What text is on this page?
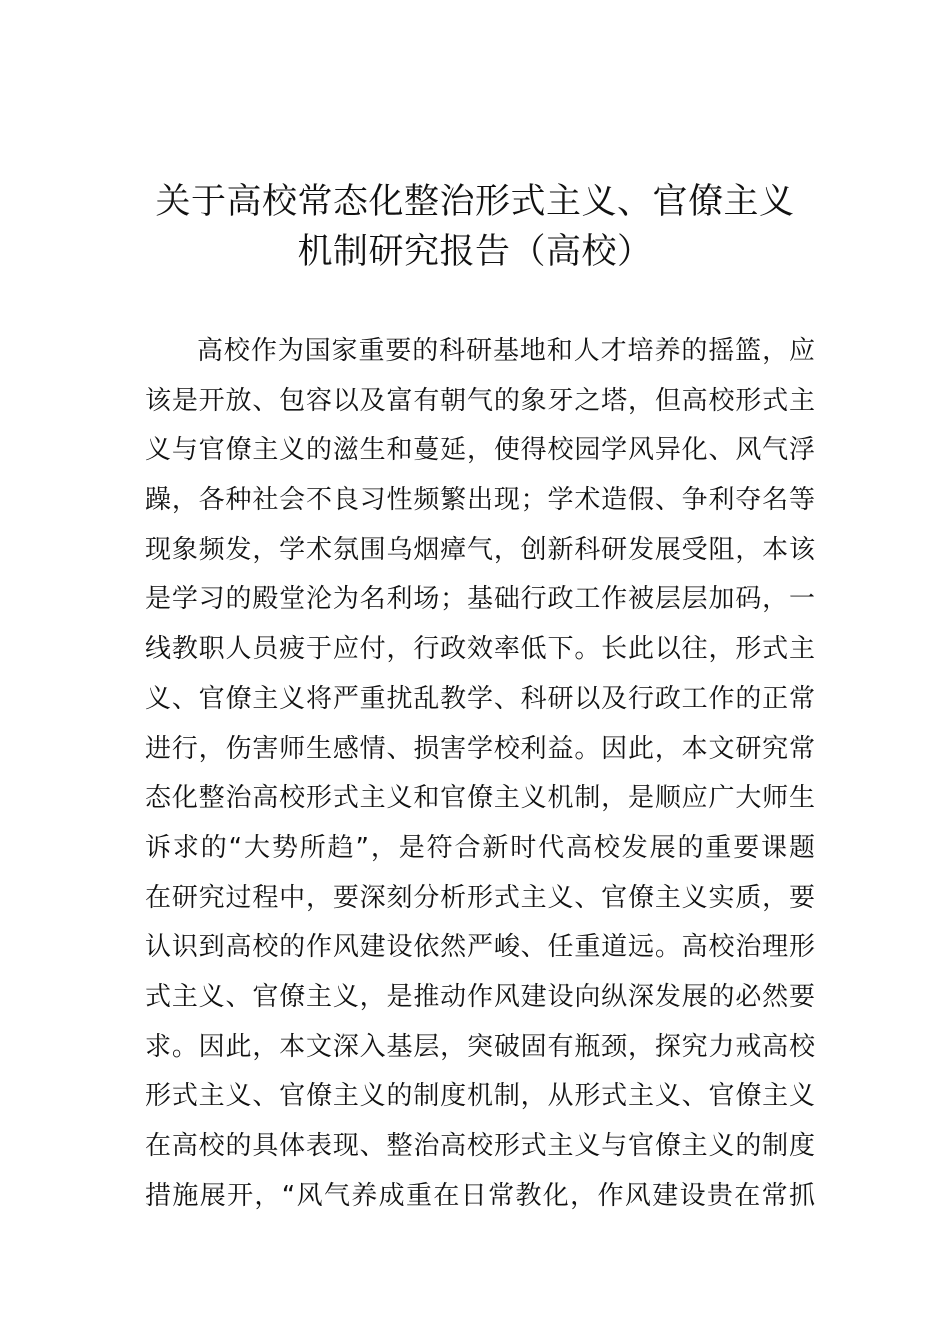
关于高校常态化整治形式主义、官僚主义
机制研究报告（高校）
高校作为国家重要的科研基地和人才培养的摇篮，应
该是开放、包容以及富有朝气的象牙之塔，但高校形式主
义与官僚主义的滋生和蔓延，使得校园学风异化、风气浮
躁，各种社会不良习性频繁出现；学术造假、争利夺名等
现象频发，学术氛围乌烟瘴气，创新科研发展受阻，本该
是学习的殿堂沦为名利场；基础行政工作被层层加码，一
线教职人员疲于应付，行政效率低下。长此以往，形式主
义、官僚主义将严重扰乱教学、科研以及行政工作的正常
进行，伤害师生感情、损害学校利益。因此，本文研究常
态化整治高校形式主义和官僚主义机制，是顺应广大师生
诉求的“大势所趋”，是符合新时代高校发展的重要课题
在研究过程中，要深刻分析形式主义、官僚主义实质，要
认识到高校的作风建设依然严峻、任重道远。高校治理形
式主义、官僚主义，是推动作风建设向纵深发展的必然要
求。因此，本文深入基层，突破固有瓶颈，探究力戒高校
形式主义、官僚主义的制度机制，从形式主义、官僚主义
在高校的具体表现、整治高校形式主义与官僚主义的制度
措施展开，“风气养成重在日常教化，作风建设贵在常抓
